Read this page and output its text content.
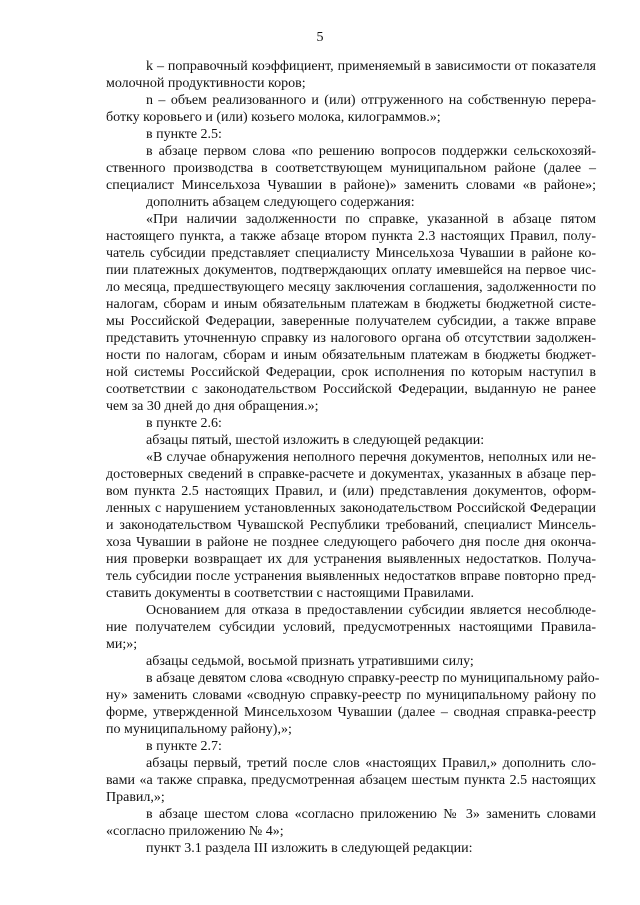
5
k – поправочный коэффициент, применяемый в зависимости от показателя
молочной продуктивности коров;
n – объем реализованного и (или) отгруженного на собственную перера-
ботку коровьего и (или) козьего молока, килограммов.»;
в пункте 2.5:
в абзаце первом слова «по решению вопросов поддержки сельскохозяй-
ственного производства в соответствующем муниципальном районе (далее –
специалист Минсельхоза Чувашии в районе)» заменить словами «в районе»;
дополнить абзацем следующего содержания:
«При наличии задолженности по справке, указанной в абзаце пятом
настоящего пункта, а также абзаце втором пункта 2.3 настоящих Правил, полу-
чатель субсидии представляет специалисту Минсельхоза Чувашии в районе ко-
пии платежных документов, подтверждающих оплату имевшейся на первое чис-
ло месяца, предшествующего месяцу заключения соглашения, задолженности по
налогам, сборам и иным обязательным платежам в бюджеты бюджетной систе-
мы Российской Федерации, заверенные получателем субсидии, а также вправе
представить уточненную справку из налогового органа об отсутствии задолжен-
ности по налогам, сборам и иным обязательным платежам в бюджеты бюджет-
ной системы Российской Федерации, срок исполнения по которым наступил в
соответствии с законодательством Российской Федерации, выданную не ранее
чем за 30 дней до дня обращения.»;
в пункте 2.6:
абзацы пятый, шестой изложить в следующей редакции:
«В случае обнаружения неполного перечня документов, неполных или не-
достоверных сведений в справке-расчете и документах, указанных в абзаце пер-
вом пункта 2.5 настоящих Правил, и (или) представления документов, оформ-
ленных с нарушением установленных законодательством Российской Федерации
и законодательством Чувашской Республики требований, специалист Минсель-
хоза Чувашии в районе не позднее следующего рабочего дня после дня оконча-
ния проверки возвращает их для устранения выявленных недостатков. Получа-
тель субсидии после устранения выявленных недостатков вправе повторно пред-
ставить документы в соответствии с настоящими Правилами.
Основанием для отказа в предоставлении субсидии является несоблюде-
ние получателем субсидии условий, предусмотренных настоящими Правила-
ми;»;
абзацы седьмой, восьмой признать утратившими силу;
в абзаце девятом слова «сводную справку-реестр по муниципальному райо-
ну» заменить словами «сводную справку-реестр по муниципальному району по
форме, утвержденной Минсельхозом Чувашии (далее – сводная справка-реестр
по муниципальному району),»;
в пункте 2.7:
абзацы первый, третий после слов «настоящих Правил,» дополнить сло-
вами «а также справка, предусмотренная абзацем шестым пункта 2.5 настоящих
Правил,»;
в абзаце шестом слова «согласно приложению № 3» заменить словами
«согласно приложению № 4»;
пункт 3.1 раздела III изложить в следующей редакции:
